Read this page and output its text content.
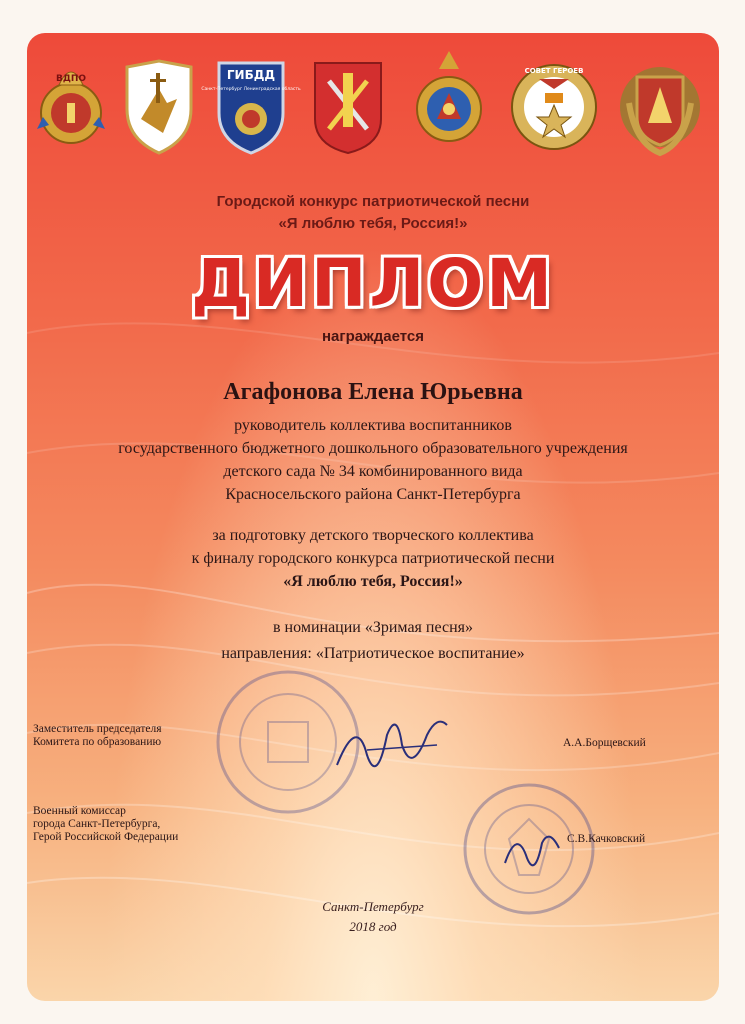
ВДПО	ГИБДД
Санкт-Петербург Ленинградская область
СОВЕТ ГЕРОЕВ
Городской конкурс патриотической песни
«Я люблю тебя, Россия!»
ДИПЛОМ
награждается
Агафонова Елена Юрьевна
руководитель коллектива воспитанников
государственного бюджетного дошкольного образовательного учреждения
детского сада № 34 комбинированного вида
Красносельского района Санкт-Петербурга
за подготовку детского творческого коллектива
к финалу городского конкурса патриотической песни
«Я люблю тебя, Россия!»
в номинации «Зримая песня»
направления: «Патриотическое воспитание»
Заместитель председателя
Комитета по образованию	А.А.Борщевский
Военный комиссар
города Санкт-Петербурга,
Герой Российской Федерации	С.В.Качковский
Санкт-Петербург
2018 год
